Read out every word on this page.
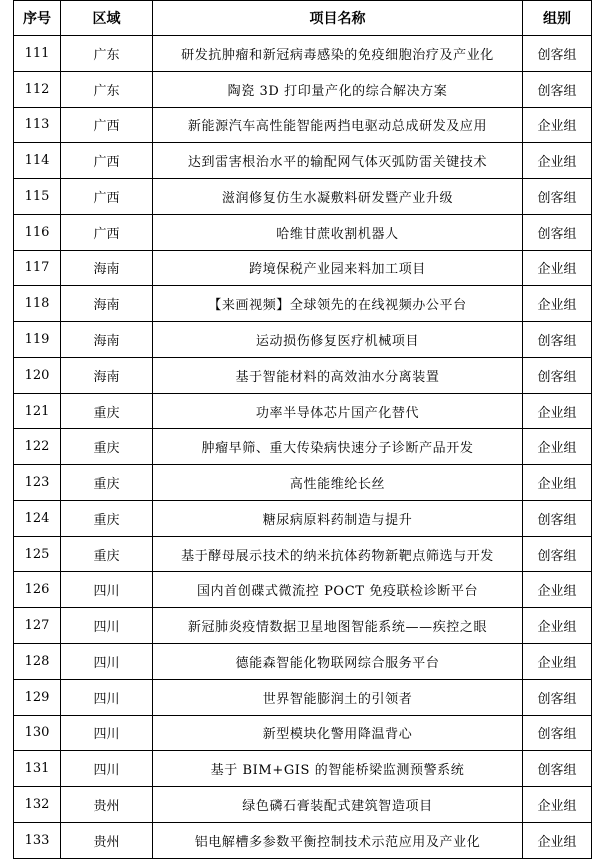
序号	区域	项目名称	组别
111	广东	研发抗肿瘤和新冠病毒感染的免疫细胞治疗及产业化	创客组
112	广东	陶瓷 3D 打印量产化的综合解决方案	创客组
113	广西	新能源汽车高性能智能两挡电驱动总成研发及应用	企业组
114	广西	达到雷害根治水平的输配网气体灭弧防雷关键技术	企业组
115	广西	滋润修复仿生水凝敷料研发暨产业升级	创客组
116	广西	哈维甘蔗收割机器人	创客组
117	海南	跨境保税产业园来料加工项目	企业组
118	海南	【来画视频】全球领先的在线视频办公平台	企业组
119	海南	运动损伤修复医疗机械项目	创客组
120	海南	基于智能材料的高效油水分离装置	创客组
121	重庆	功率半导体芯片国产化替代	企业组
122	重庆	肿瘤早筛、重大传染病快速分子诊断产品开发	企业组
123	重庆	高性能维纶长丝	企业组
124	重庆	糖尿病原料药制造与提升	创客组
125	重庆	基于酵母展示技术的纳米抗体药物新靶点筛选与开发	创客组
126	四川	国内首创碟式微流控 POCT 免疫联检诊断平台	企业组
127	四川	新冠肺炎疫情数据卫星地图智能系统——疾控之眼	企业组
128	四川	德能森智能化物联网综合服务平台	企业组
129	四川	世界智能膨润土的引领者	创客组
130	四川	新型模块化警用降温背心	创客组
131	四川	基于 BIM+GIS 的智能桥梁监测预警系统	创客组
132	贵州	绿色磷石膏装配式建筑智造项目	企业组
133	贵州	铝电解槽多参数平衡控制技术示范应用及产业化	企业组
